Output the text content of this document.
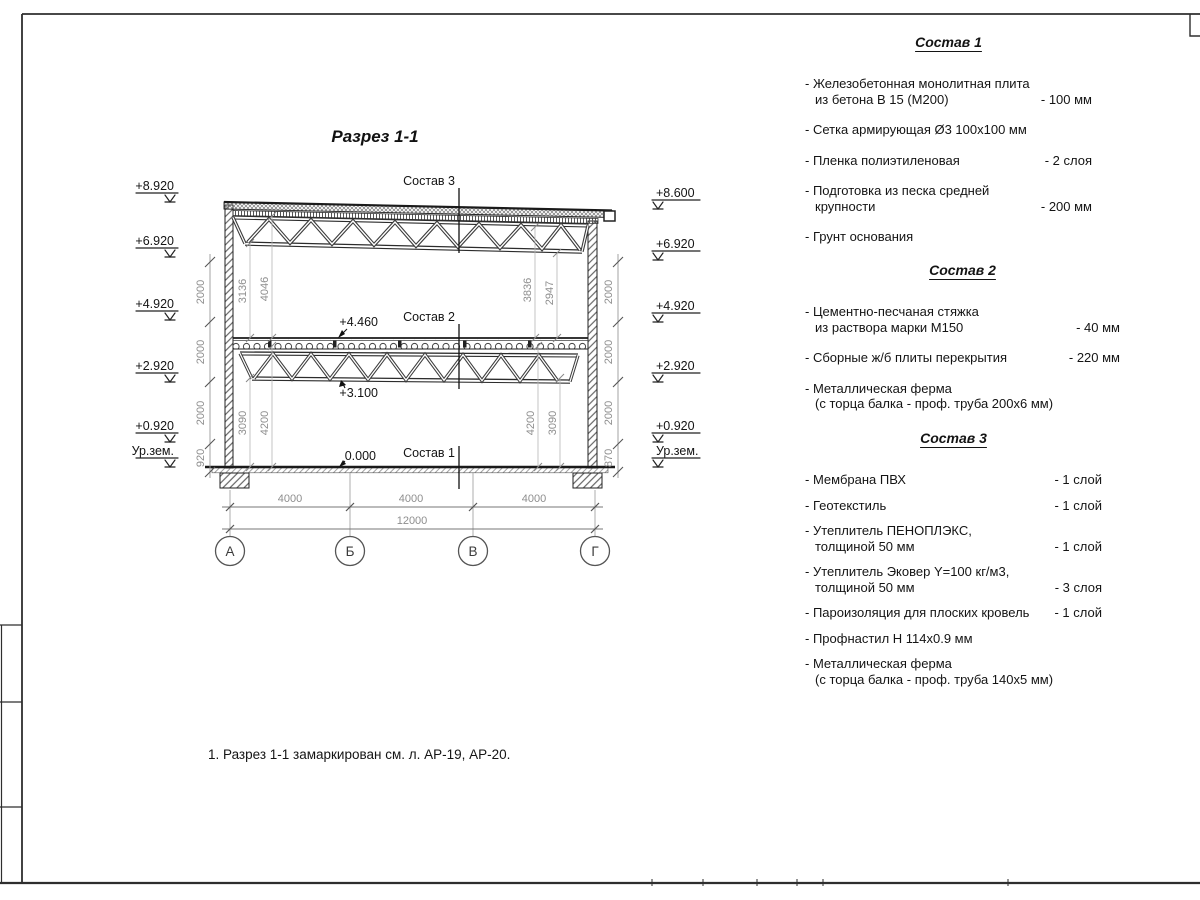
Разрез 1-1
+8.920
+6.920
+4.920
+2.920
+0.920
Ур.зем.
+8.600
+6.920
+4.920
+2.920
+0.920
Ур.зем.
2000
2000
2000
920
2000
2000
2000
870
3136 4046	3836 2947
3090 4200	4200 3090
4000	4000	4000
12000
А	Б	В	Г
Состав 3
Состав 2
Состав 1
+4.460
+3.100
0.000
Состав 1
- Железобетонная монолитная плита
из бетона В 15 (М200)	- 100 мм
- Сетка армирующая Ø3 100х100 мм
- Пленка полиэтиленовая	- 2 слоя
- Подготовка из песка средней
крупности	- 200 мм
- Грунт основания
Состав 2
- Цементно-песчаная стяжка
из раствора марки М150	- 40 мм
- Сборные ж/б плиты перекрытия	- 220 мм
- Металлическая ферма
(с торца балка - проф. труба 200х6 мм)
Состав 3
- Мембрана ПВХ	- 1 слой
- Геотекстиль	- 1 слой
- Утеплитель ПЕНОПЛЭКС,
толщиной 50 мм	- 1 слой
- Утеплитель Эковер Y=100 кг/м3,
толщиной 50 мм	- 3 слоя
- Пароизоляция для плоских кровель - 1 слой
- Профнастил Н 114х0.9 мм
- Металлическая ферма
(с торца балка - проф. труба 140х5 мм)
1. Разрез 1-1 замаркирован см. л. АР-19, АР-20.
